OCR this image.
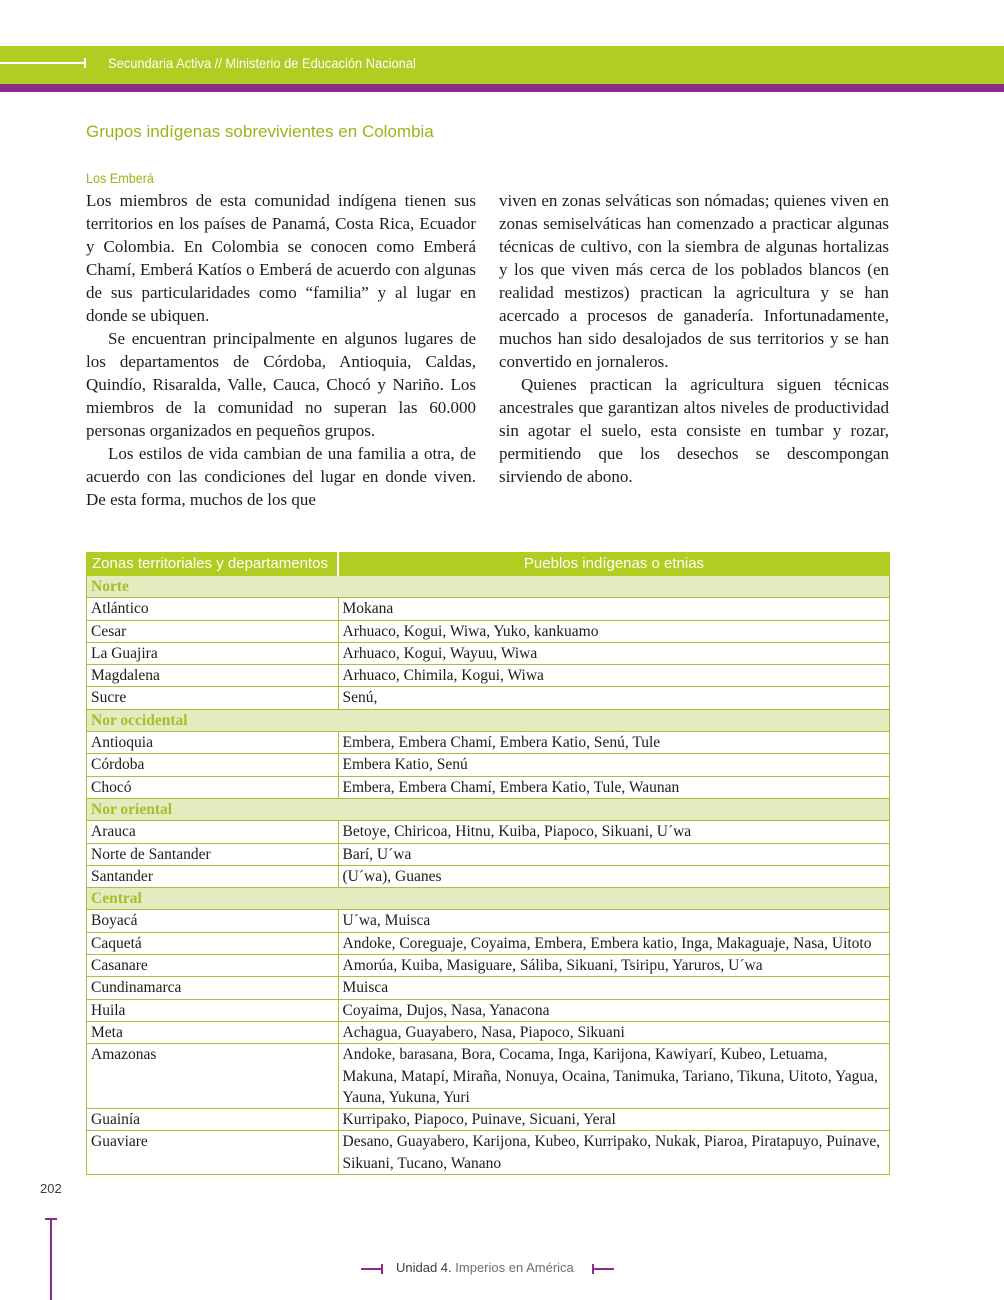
Secundaria Activa // Ministerio de Educación Nacional
Grupos indígenas sobrevivientes en Colombia
Los Emberá

Los miembros de esta comunidad indígena tienen sus territorios en los países de Panamá, Costa Rica, Ecuador y Colombia. En Colombia se conocen como Emberá Chamí, Emberá Katíos o Emberá de acuerdo con algunas de sus particularidades como “familia” y al lugar en donde se ubiquen.

Se encuentran principalmente en algunos lugares de los departamentos de Córdoba, Antioquia, Caldas, Quindío, Risaralda, Valle, Cauca, Chocó y Nariño. Los miembros de la comunidad no superan las 60.000 personas organizados en pequeños grupos.

Los estilos de vida cambian de una familia a otra, de acuerdo con las condiciones del lugar en donde viven. De esta forma, muchos de los que

viven en zonas selváticas son nómadas; quienes viven en zonas semiselváticas han comenzado a practicar algunas técnicas de cultivo, con la siembra de algunas hortalizas y los que viven más cerca de los poblados blancos (en realidad mestizos) practican la agricultura y se han acercado a procesos de ganadería. Infortunadamente, muchos han sido desalojados de sus territorios y se han convertido en jornaleros.

Quienes practican la agricultura siguen técnicas ancestrales que garantizan altos niveles de productividad sin agotar el suelo, esta consiste en tumbar y rozar, permitiendo que los desechos se descompongan sirviendo de abono.

Zonas territoriales y departamentos	Pueblos indígenas o etnias
Norte	
Atlántico	Mokana
Cesar	Arhuaco, Kogui, Wiwa, Yuko, kankuamo
La Guajira	Arhuaco, Kogui, Wayuu, Wiwa
Magdalena	Arhuaco, Chimila, Kogui, Wiwa
Sucre	Senú,
Nor occidental	
Antioquia	Embera, Embera Chamí, Embera Katio, Senú, Tule
Córdoba	Embera Katio, Senú
Chocó	Embera, Embera Chamí, Embera Katio, Tule, Waunan
Nor oriental	
Arauca	Betoye, Chiricoa, Hitnu, Kuiba, Piapoco, Sikuani, U´wa
Norte de Santander	Barí, U´wa
Santander	(U´wa), Guanes
Central	
Boyacá	U´wa, Muisca
Caquetá	Andoke, Coreguaje, Coyaima, Embera, Embera katio, Inga, Makaguaje, Nasa, Uitoto
Casanare	Amorúa, Kuiba, Masiguare, Sáliba, Sikuani, Tsiripu, Yaruros, U´wa
Cundinamarca	Muisca
Huila	Coyaima, Dujos, Nasa, Yanacona
Meta	Achagua, Guayabero, Nasa, Piapoco, Sikuani
Amazonas	Andoke, barasana, Bora, Cocama, Inga, Karijona, Kawiyarí, Kubeo, Letuama, Makuna, Matapí, Miraña, Nonuya, Ocaina, Tanimuka, Tariano, Tikuna, Uitoto, Yagua, Yauna, Yukuna, Yuri
Guainía	Kurripako, Piapoco, Puinave, Sicuani, Yeral
Guaviare	Desano, Guayabero, Karijona, Kubeo, Kurripako, Nukak, Piaroa, Piratapuyo, Puinave, Sikuani, Tucano, Wanano
202
Unidad 4. Imperios en América
